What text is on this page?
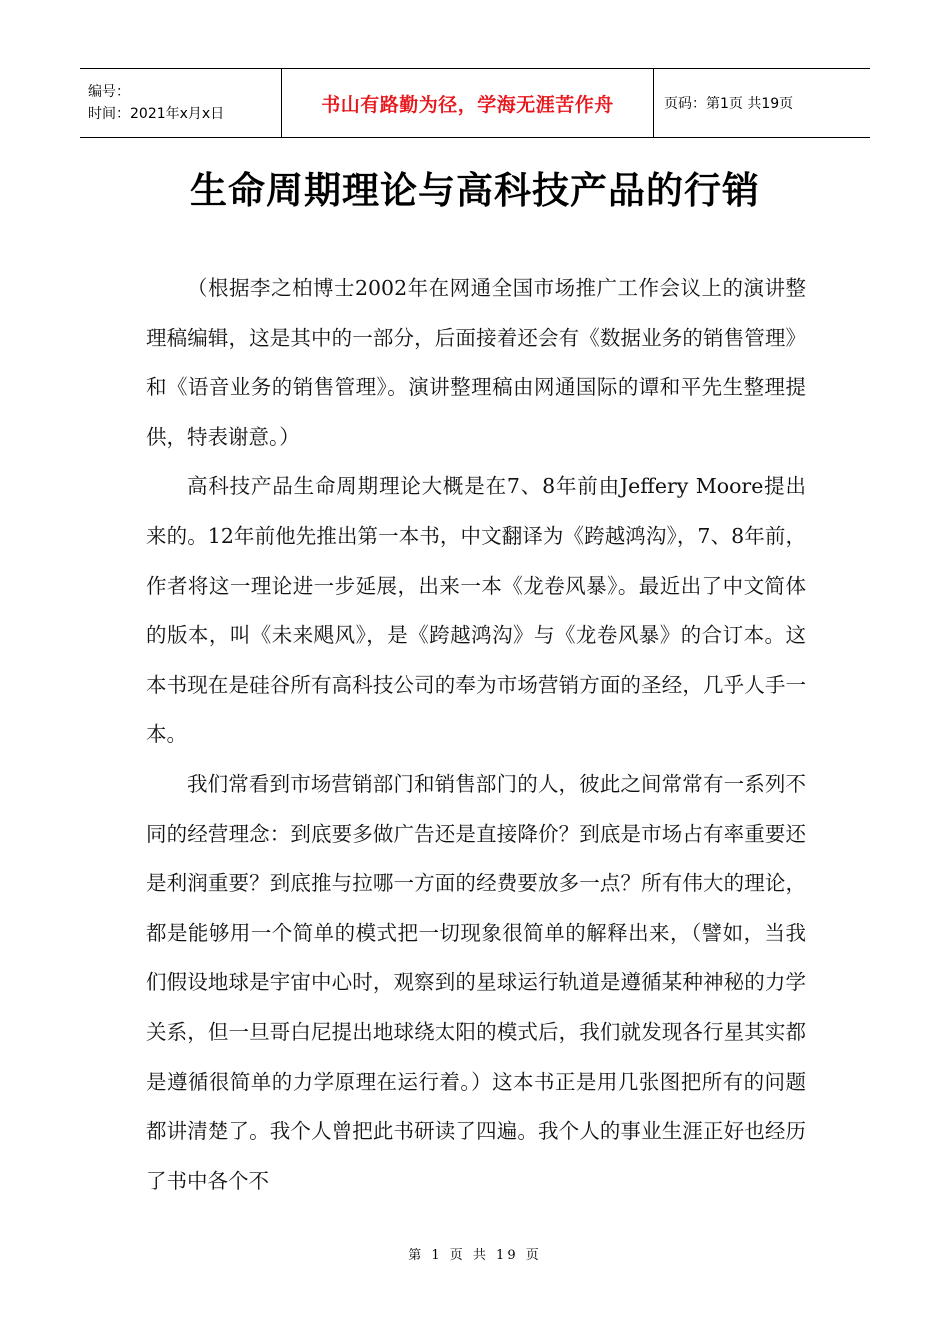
编号：
时间：2021年x月x日	书山有路勤为径，学海无涯苦作舟	页码：第1页 共19页
生命周期理论与高科技产品的行销

（根据李之柏博士2002年在网通全国市场推广工作会议上的演讲整理稿编辑，这是其中的一部分，后面接着还会有《数据业务的销售管理》和《语音业务的销售管理》。演讲整理稿由网通国际的谭和平先生整理提供，特表谢意。）

高科技产品生命周期理论大概是在7、8年前由Jeffery Moore提出来的。12年前他先推出第一本书，中文翻译为《跨越鸿沟》，7、8年前，作者将这一理论进一步延展，出来一本《龙卷风暴》。最近出了中文简体的版本，叫《未来飓风》，是《跨越鸿沟》与《龙卷风暴》的合订本。这本书现在是硅谷所有高科技公司的奉为市场营销方面的圣经，几乎人手一本。

我们常看到市场营销部门和销售部门的人，彼此之间常常有一系列不同的经营理念：到底要多做广告还是直接降价？到底是市场占有率重要还是利润重要？到底推与拉哪一方面的经费要放多一点？所有伟大的理论，都是能够用一个简单的模式把一切现象很简单的解释出来，（譬如，当我们假设地球是宇宙中心时，观察到的星球运行轨道是遵循某种神秘的力学关系，但一旦哥白尼提出地球绕太阳的模式后，我们就发现各行星其实都是遵循很简单的力学原理在运行着。）这本书正是用几张图把所有的问题都讲清楚了。我个人曾把此书研读了四遍。我个人的事业生涯正好也经历了书中各个不

第 1 页 共 19 页
